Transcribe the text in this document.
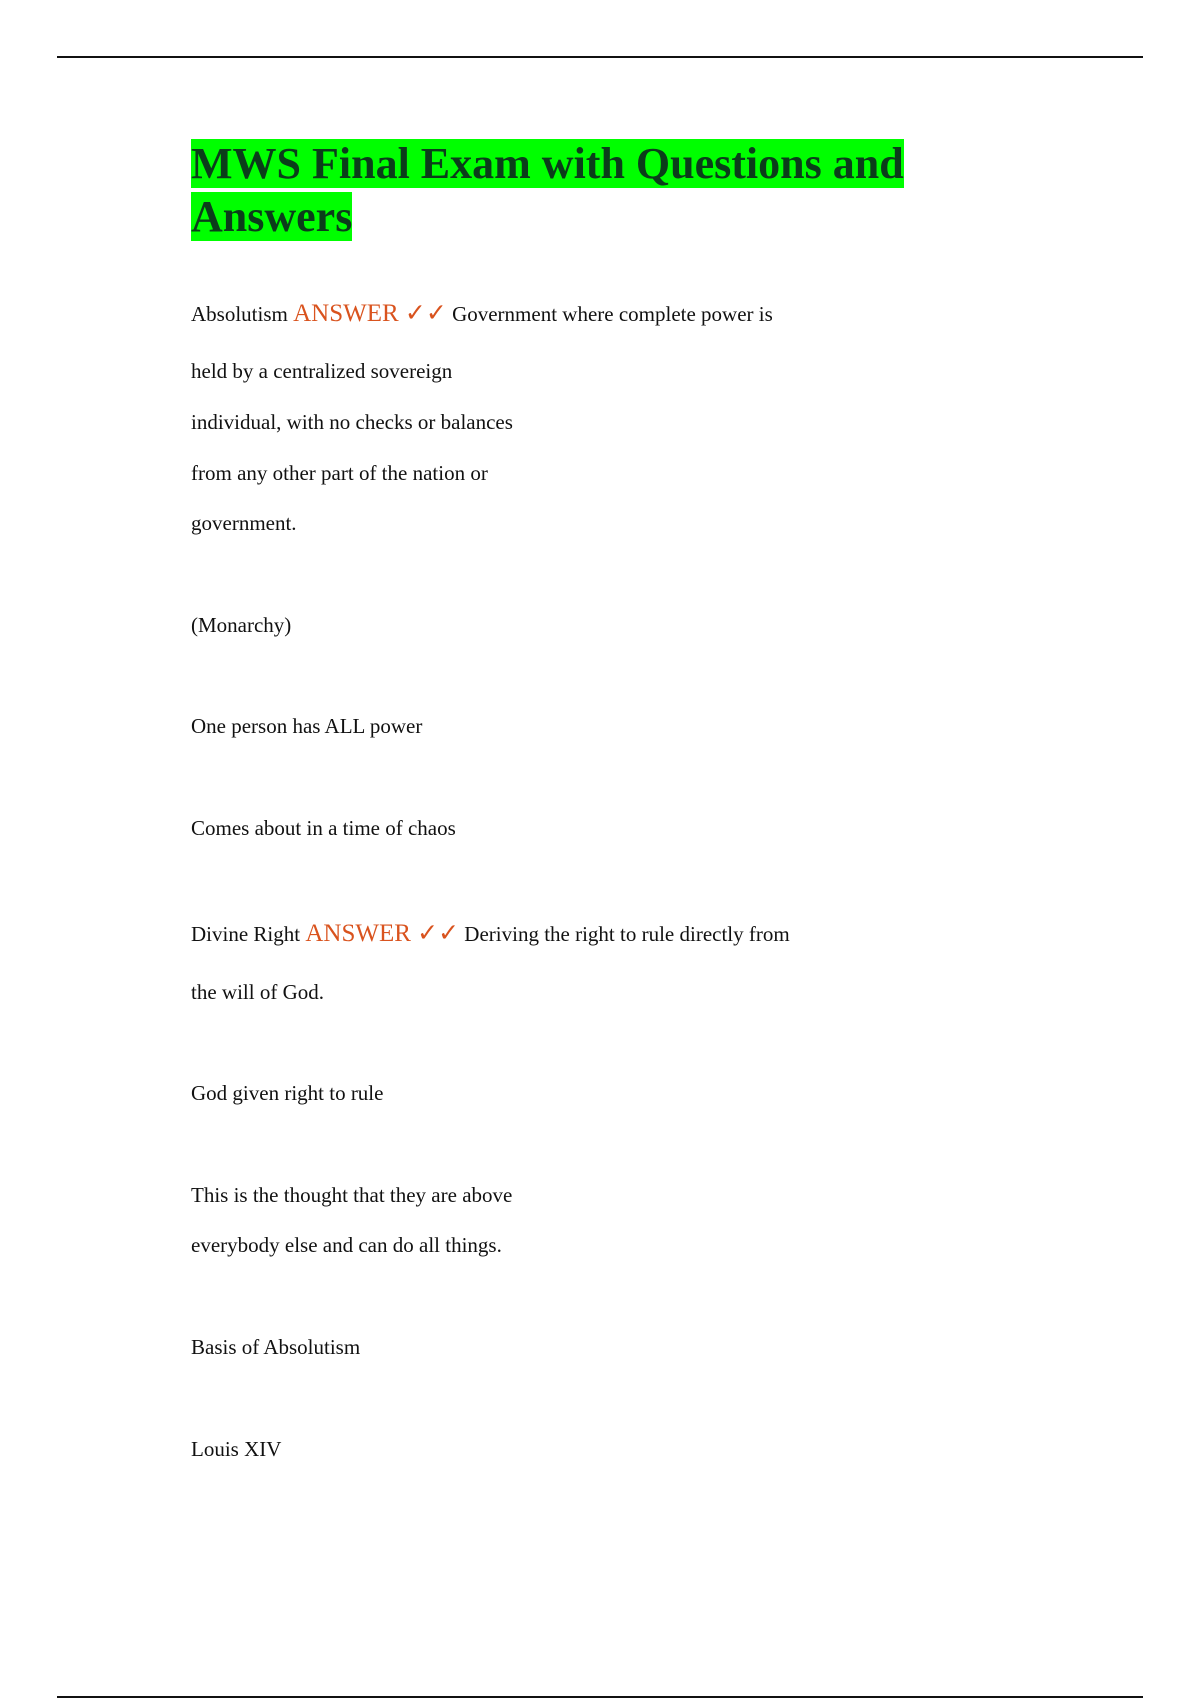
MWS Final Exam with Questions and Answers

Absolutism ANSWER ✓✓ Government where complete power is

held by a centralized sovereign

individual, with no checks or balances

from any other part of the nation or

government.

(Monarchy)

One person has ALL power

Comes about in a time of chaos

Divine Right ANSWER ✓✓ Deriving the right to rule directly from

the will of God.

God given right to rule

This is the thought that they are above

everybody else and can do all things.

Basis of Absolutism

Louis XIV
